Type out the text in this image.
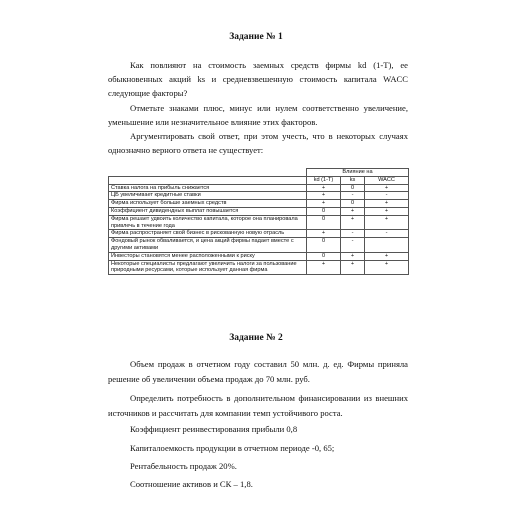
Задание № 1
Как повлияют на стоимость заемных средств фирмы kd (1-T), ее обыкновенных акций ks и средневзвешенную стоимость капитала WACC следующие факторы?
Отметьте знаками плюс, минус или нулем соответственно увеличение, уменьшение или незначительное влияние этих факторов.
Аргументировать свой ответ, при этом учесть, что в некоторых случаях однозначно верного ответа не существует:
	Влияние на		
	kd (1-T)	ks	WACC
Ставка налога на прибыль снижается	+	0	+
ЦБ увеличивает кредитные ставки	+	-	-
Фирма использует больше заемных средств	+	0	+
Коэффициент дивидендных выплат повышается	0	+	+
Фирма решает удвоить количество капитала, которое она планировала привлечь в течение года	0	+	+
Фирма распространяет свой бизнес в рискованную новую отрасль	+	-	-
Фондовый рынок обваливается, и цена акций фирмы падает вместе с другими активами	0	-	
Инвесторы становятся менее расположенными к риску	0	+	+
Некоторые специалисты предлагают увеличить налоги за пользование природными ресурсами, которые использует данная фирма	+	+	+
Задание № 2
Объем продаж в отчетном году составил 50 млн. д. ед. Фирмы приняла решение об увеличении объема продаж до 70 млн. руб.
Определить потребность в дополнительном финансировании из внешних источников и рассчитать для компании темп устойчивого роста.
Коэффициент реинвестирования прибыли 0,8
Капиталоемкость продукции в отчетном периоде -0, 65;
Рентабельность продаж 20%.
Соотношение активов и СК – 1,8.
